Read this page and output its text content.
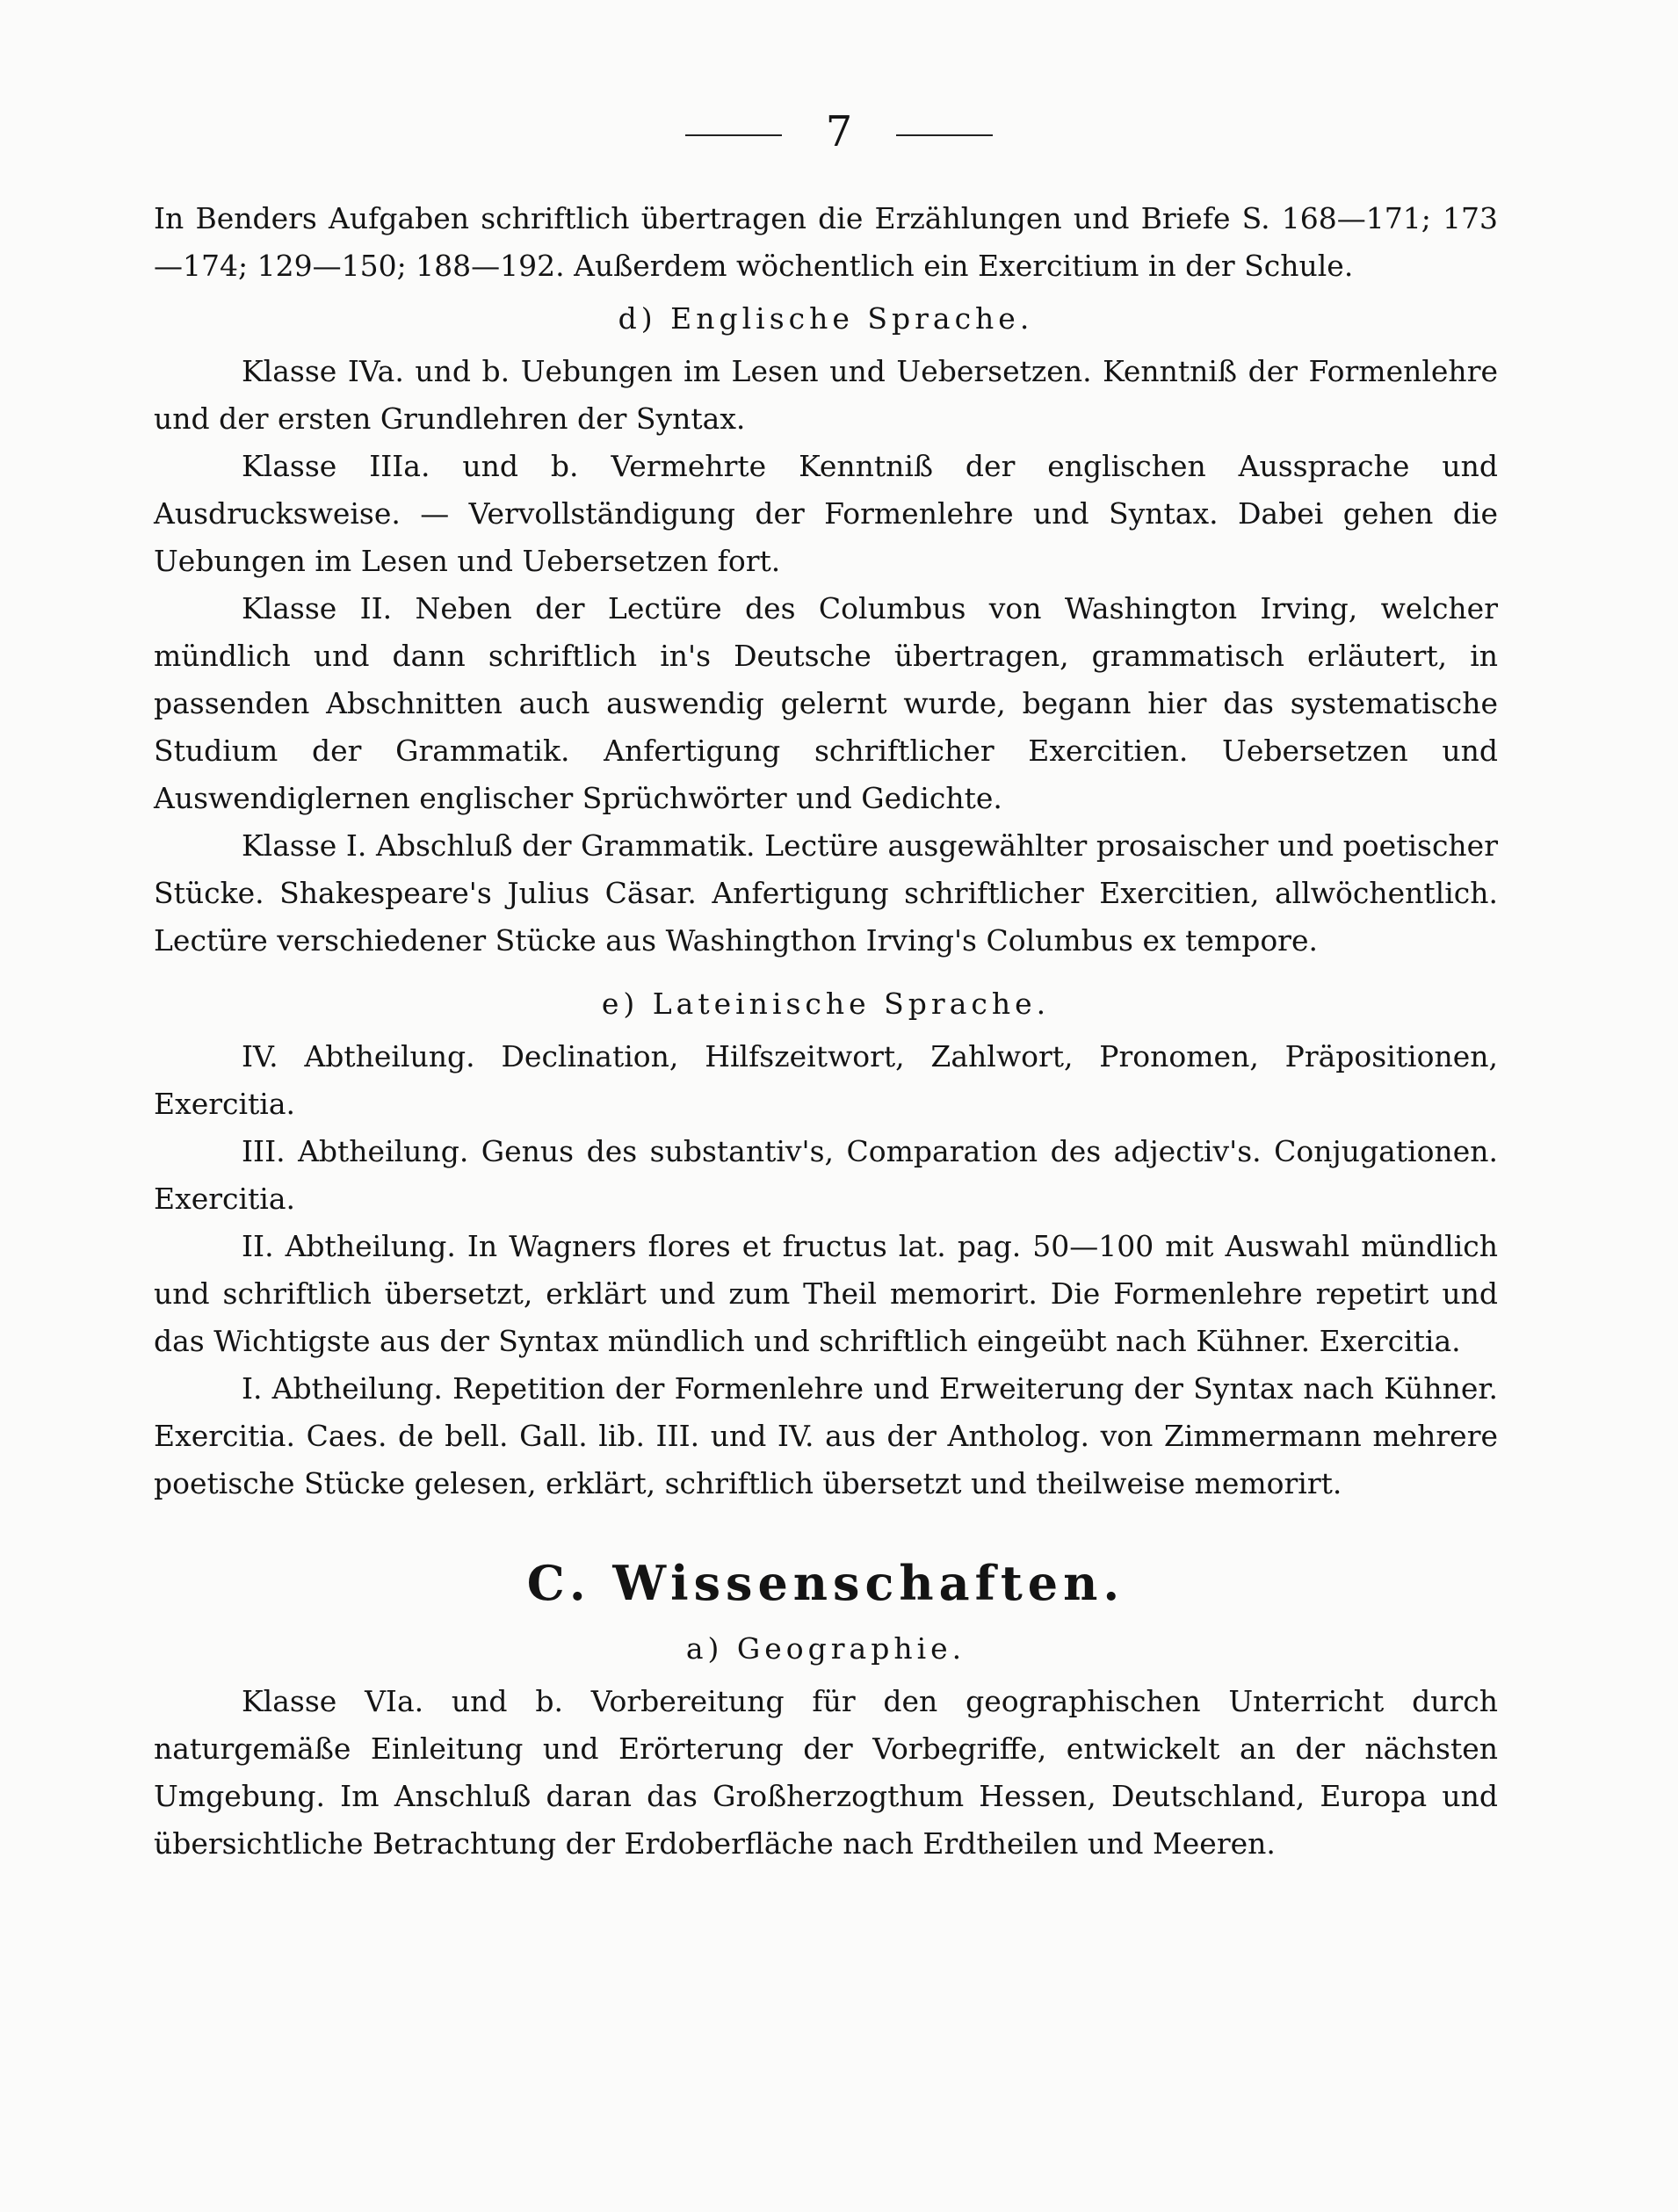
7

In Benders Aufgaben schriftlich übertragen die Erzählungen und Briefe S. 168—171; 173—174; 129—150; 188—192. Außerdem wöchentlich ein Exercitium in der Schule.

d) Englische Sprache.

Klasse IVa. und b. Uebungen im Lesen und Uebersetzen. Kenntniß der Formenlehre und der ersten Grundlehren der Syntax.

Klasse IIIa. und b. Vermehrte Kenntniß der englischen Aussprache und Ausdrucksweise. — Vervollständigung der Formenlehre und Syntax. Dabei gehen die Uebungen im Lesen und Uebersetzen fort.

Klasse II. Neben der Lectüre des Columbus von Washington Irving, welcher mündlich und dann schriftlich in's Deutsche übertragen, grammatisch erläutert, in passenden Abschnitten auch auswendig gelernt wurde, begann hier das systematische Studium der Grammatik. Anfertigung schriftlicher Exercitien. Uebersetzen und Auswendiglernen englischer Sprüchwörter und Gedichte.

Klasse I. Abschluß der Grammatik. Lectüre ausgewählter prosaischer und poetischer Stücke. Shakespeare's Julius Cäsar. Anfertigung schriftlicher Exercitien, allwöchentlich. Lectüre verschiedener Stücke aus Washingthon Irving's Columbus ex tempore.

e) Lateinische Sprache.

IV. Abtheilung. Declination, Hilfszeitwort, Zahlwort, Pronomen, Präpositionen, Exercitia.

III. Abtheilung. Genus des substantiv's, Comparation des adjectiv's. Conjugationen. Exercitia.

II. Abtheilung. In Wagners flores et fructus lat. pag. 50—100 mit Auswahl mündlich und schriftlich übersetzt, erklärt und zum Theil memorirt. Die Formenlehre repetirt und das Wichtigste aus der Syntax mündlich und schriftlich eingeübt nach Kühner. Exercitia.

I. Abtheilung. Repetition der Formenlehre und Erweiterung der Syntax nach Kühner. Exercitia. Caes. de bell. Gall. lib. III. und IV. aus der Antholog. von Zimmermann mehrere poetische Stücke gelesen, erklärt, schriftlich übersetzt und theilweise memorirt.

C. Wissenschaften.

a) Geographie.

Klasse VIa. und b. Vorbereitung für den geographischen Unterricht durch naturgemäße Einleitung und Erörterung der Vorbegriffe, entwickelt an der nächsten Umgebung. Im Anschluß daran das Großherzogthum Hessen, Deutschland, Europa und übersichtliche Betrachtung der Erdoberfläche nach Erdtheilen und Meeren.
